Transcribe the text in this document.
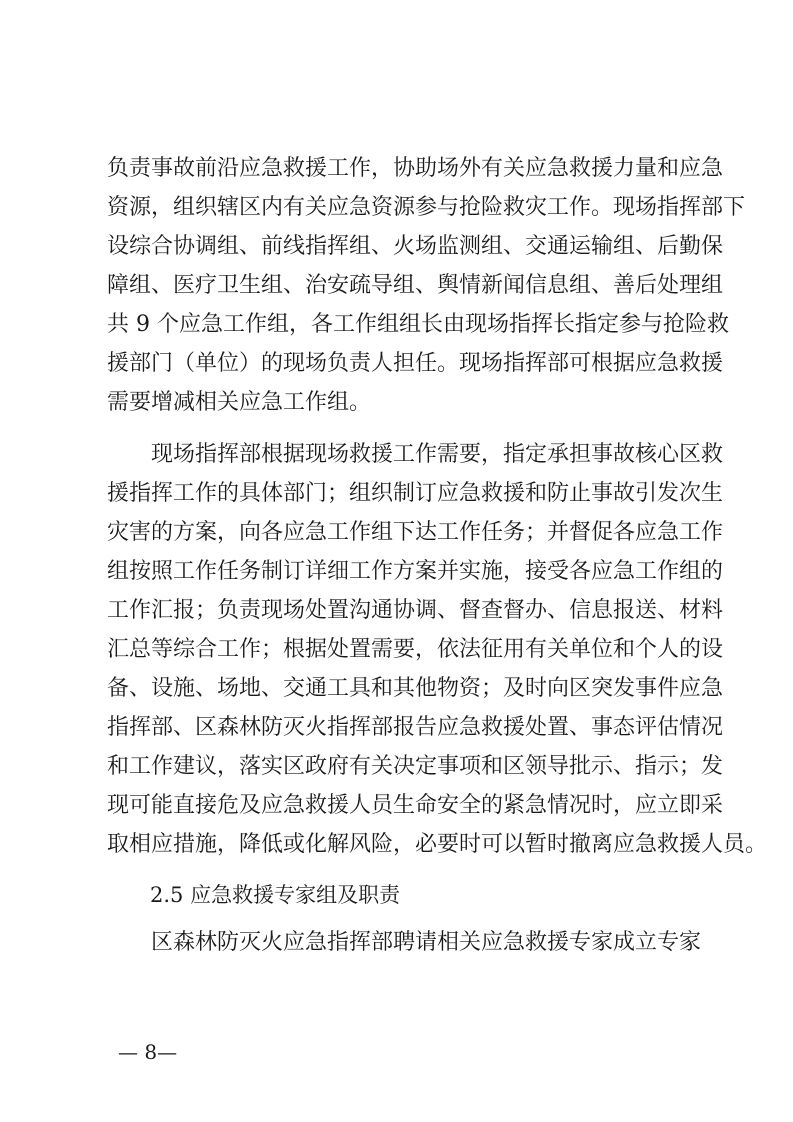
负责事故前沿应急救援工作，协助场外有关应急救援力量和应急
资源，组织辖区内有关应急资源参与抢险救灾工作。现场指挥部下
设综合协调组、前线指挥组、火场监测组、交通运输组、后勤保
障组、医疗卫生组、治安疏导组、舆情新闻信息组、善后处理组
共 9 个应急工作组，各工作组组长由现场指挥长指定参与抢险救
援部门（单位）的现场负责人担任。现场指挥部可根据应急救援
需要增减相关应急工作组。
　　现场指挥部根据现场救援工作需要，指定承担事故核心区救
援指挥工作的具体部门；组织制订应急救援和防止事故引发次生
灾害的方案，向各应急工作组下达工作任务；并督促各应急工作
组按照工作任务制订详细工作方案并实施，接受各应急工作组的
工作汇报；负责现场处置沟通协调、督查督办、信息报送、材料
汇总等综合工作；根据处置需要，依法征用有关单位和个人的设
备、设施、场地、交通工具和其他物资；及时向区突发事件应急
指挥部、区森林防灭火指挥部报告应急救援处置、事态评估情况
和工作建议，落实区政府有关决定事项和区领导批示、指示；发
现可能直接危及应急救援人员生命安全的紧急情况时，应立即采
取相应措施，降低或化解风险，必要时可以暂时撤离应急救援人员。
2.5 应急救援专家组及职责
　　区森林防灭火应急指挥部聘请相关应急救援专家成立专家
— 8—
